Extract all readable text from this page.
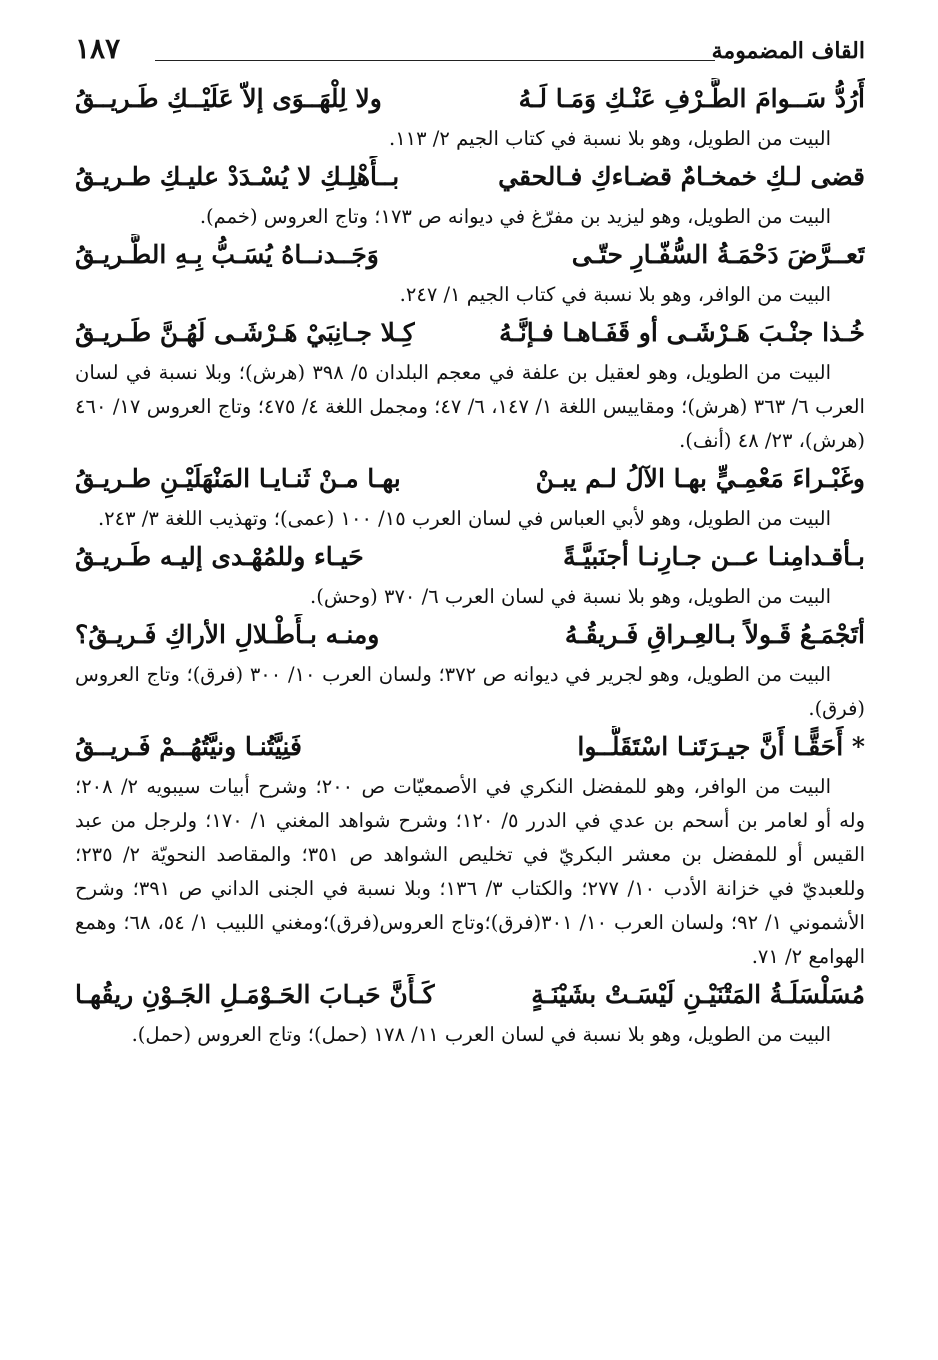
القاف المضمومة
١٨٧
أَرُدُّ سَــوامَ الطَّـرْفِ عَنْـكِ وَمَـا لَـهُ
ولا لِلْهَــوَى إلاّ عَلَيْــكِ طَـريــقُ

البيت من الطويل، وهو بلا نسبة في كتاب الجيم ٢/ ١١٣.

قضى لـكِ خمخـامٌ قضـاءكِ فـالحقي
بــأَهْلِـكِ لا يُسْـدَدْ عليـكِ طـريـقُ

البيت من الطويل، وهو ليزيد بن مفرّغ في ديوانه ص ١٧٣؛ وتاج العروس (خمم).

تَعــرَّضَ دَحْمَـةُ السُّفّـارِ حتّـى
وَجَــدنــاهُ يُسَـبُّ بِـهِ الطَّـريـقُ

البيت من الوافر، وهو بلا نسبة في كتاب الجيم ١/ ٢٤٧.

خُـذا جنْـبَ هَـرْشَـى أو قَفَـاهـا فـإنَّـهُ
كِـلا جـانِبَيْ هَـرْشَـى لَهُـنَّ طَـريـقُ

البيت من الطويل، وهو لعقيل بن علفة في معجم البلدان ٥/ ٣٩٨ (هرش)؛ وبلا نسبة في لسان العرب ٦/ ٣٦٣ (هرش)؛ ومقاييس اللغة ١/ ١٤٧، ٦/ ٤٧؛ ومجمل اللغة ٤/ ٤٧٥؛ وتاج العروس ١٧/ ٤٦٠ (هرش)، ٢٣/ ٤٨ (أنف).

وغَبْـراءَ مَعْمِـيٍّ بهـا الآلُ لـم يبـنْ
بهـا مـنْ ثَنـايـا المَنْهَلَيْـنِ طـريـقُ

البيت من الطويل، وهو لأبي العباس في لسان العرب ١٥/ ١٠٠ (عمى)؛ وتهذيب اللغة ٣/ ٢٤٣.

بـأقـدامِنـا عــن جـارِنـا أجنَبيَّـةً
حَيـاء وللمُهْـدى إليـه طَـريـقُ

البيت من الطويل، وهو بلا نسبة في لسان العرب ٦/ ٣٧٠ (وحش).

أتَجْمَـعُ قَـولاً بـالعِـراقِ فَـريقُـهُ
ومنـه بـأَطْـلالِ الأراكِ فَـريـقُ؟

البيت من الطويل، وهو لجرير في ديوانه ص ٣٧٢؛ ولسان العرب ١٠/ ٣٠٠ (فرق)؛ وتاج العروس (فرق).

* أَحَقًّـا أَنَّ جيـرَتَنـا اسْتَقَلُّــوا
فَنِيَّتُنـا ونيَّتُهُــمْ فَـريــقُ

البيت من الوافر، وهو للمفضل النكري في الأصمعيّات ص ٢٠٠؛ وشرح أبيات سيبويه ٢/ ٢٠٨؛ وله أو لعامر بن أسحم بن عدي في الدرر ٥/ ١٢٠؛ وشرح شواهد المغني ١/ ١٧٠؛ ولرجل من عبد القيس أو للمفضل بن معشر البكريّ في تخليص الشواهد ص ٣٥١؛ والمقاصد النحويّة ٢/ ٢٣٥؛ وللعبديّ في خزانة الأدب ١٠/ ٢٧٧؛ والكتاب ٣/ ١٣٦؛ وبلا نسبة في الجنى الداني ص ٣٩١؛ وشرح الأشموني ١/ ٩٢؛ ولسان العرب ١٠/ ٣٠١(فرق)؛وتاج العروس(فرق)؛ومغني اللبيب ١/ ٥٤، ٦٨؛ وهمع الهوامع ٢/ ٧١.

مُسَلْسَلَـةُ المَتْنَيْـنِ لَيْسَـتْ بشَيْنَـةٍ
كَـأَنَّ حَبـابَ الحَـوْمَـلِ الجَـوْنِ ريقُهـا

البيت من الطويل، وهو بلا نسبة في لسان العرب ١١/ ١٧٨ (حمل)؛ وتاج العروس (حمل).
